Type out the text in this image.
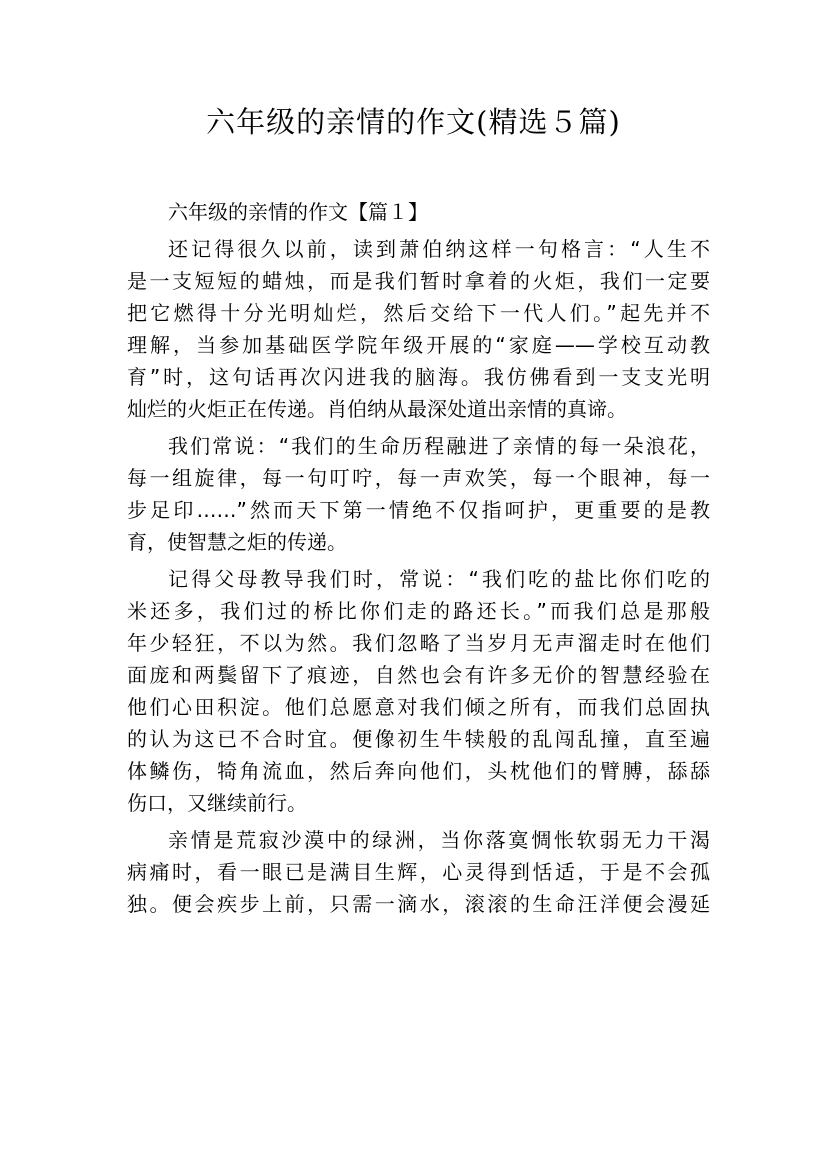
六年级的亲情的作文(精选５篇)
六年级的亲情的作文【篇１】
还记得很久以前，读到萧伯纳这样一句格言：“人生不
是一支短短的蜡烛，而是我们暂时拿着的火炬，我们一定要
把它燃得十分光明灿烂，然后交给下一代人们。”起先并不
理解，当参加基础医学院年级开展的“家庭——学校互动教
育”时，这句话再次闪进我的脑海。我仿佛看到一支支光明
灿烂的火炬正在传递。肖伯纳从最深处道出亲情的真谛。
我们常说：“我们的生命历程融进了亲情的每一朵浪花，
每一组旋律，每一句叮咛，每一声欢笑，每一个眼神，每一
步足印……”然而天下第一情绝不仅指呵护，更重要的是教
育，使智慧之炬的传递。
记得父母教导我们时，常说：“我们吃的盐比你们吃的
米还多，我们过的桥比你们走的路还长。”而我们总是那般
年少轻狂，不以为然。我们忽略了当岁月无声溜走时在他们
面庞和两鬓留下了痕迹，自然也会有许多无价的智慧经验在
他们心田积淀。他们总愿意对我们倾之所有，而我们总固执
的认为这已不合时宜。便像初生牛犊般的乱闯乱撞，直至遍
体鳞伤，犄角流血，然后奔向他们，头枕他们的臂膊，舔舔
伤口，又继续前行。
亲情是荒寂沙漠中的绿洲，当你落寞惆怅软弱无力干渴
病痛时，看一眼已是满目生辉，心灵得到恬适，于是不会孤
独。便会疾步上前，只需一滴水，滚滚的生命汪洋便会漫延
